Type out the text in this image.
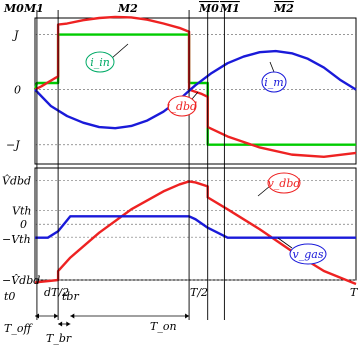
M0 M1	M2	M0 M1	M2
J
0
−J
V̂dbd
Vth
0
−Vth
−V̂dbd
t0	dT/2
tbr	T/2	T
i_in
i_dbd
i_m
v_dbd
v_gas
T_off
T_br
T_on
